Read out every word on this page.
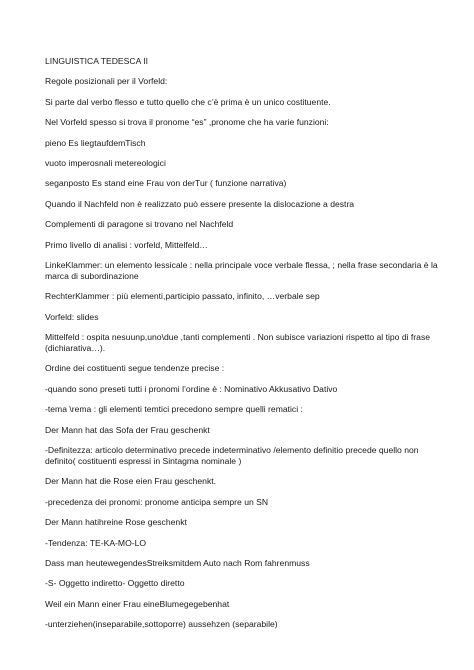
LINGUISTICA TEDESCA II

Regole posizionali per il Vorfeld:

Si parte dal verbo flesso e tutto quello che c’è prima è un unico costituente.

Nel Vorfeld spesso si trova il pronome “es” ,pronome che ha varie funzioni:

pieno Es liegtaufdemTisch

vuoto imperosnali metereologici

seganposto Es stand eine Frau von derTur ( funzione narrativa)

Quando il Nachfeld non è realizzato può essere presente la dislocazione a destra

Complementi di paragone si trovano nel Nachfeld

Primo livello di analisi : vorfeld, Mittelfeld…

LinkeKlammer: un elemento lessicale : nella principale voce verbale flessa, ; nella frase secondaria è la marca di subordinazione

RechterKlammer : più elementi,participio passato, infinito, …verbale sep

Vorfeld: slides

Mittelfeld : ospita nesuunp,uno\due ,tanti complementi . Non subisce variazioni rispetto al tipo di frase (dichiarativa…).

Ordine dei costituenti segue tendenze precise :

-quando sono preseti tutti i pronomi l’ordine è : Nominativo Akkusativo Dativo

-tema \rema : gli elementi temtici precedono sempre quelli rematici :

Der Mann hat das Sofa der Frau geschenkt

-Definitezza: articolo determinativo precede indeterminativo /elemento definitio precede quello non definito( costituenti espressi in Sintagma nominale )

Der Mann hat die Rose eien Frau geschenkt.

-precedenza dei pronomi: pronome anticipa sempre un SN

Der Mann hatihreine Rose geschenkt

-Tendenza: TE-KA-MO-LO

Dass man heutewegendesStreiksmitdem Auto nach Rom fahrenmuss

-S- Oggetto indiretto- Oggetto diretto

Weil ein Mann einer Frau eineBlumegegebenhat

-unterziehen(inseparabile,sottoporre) aussehzen (separabile)
